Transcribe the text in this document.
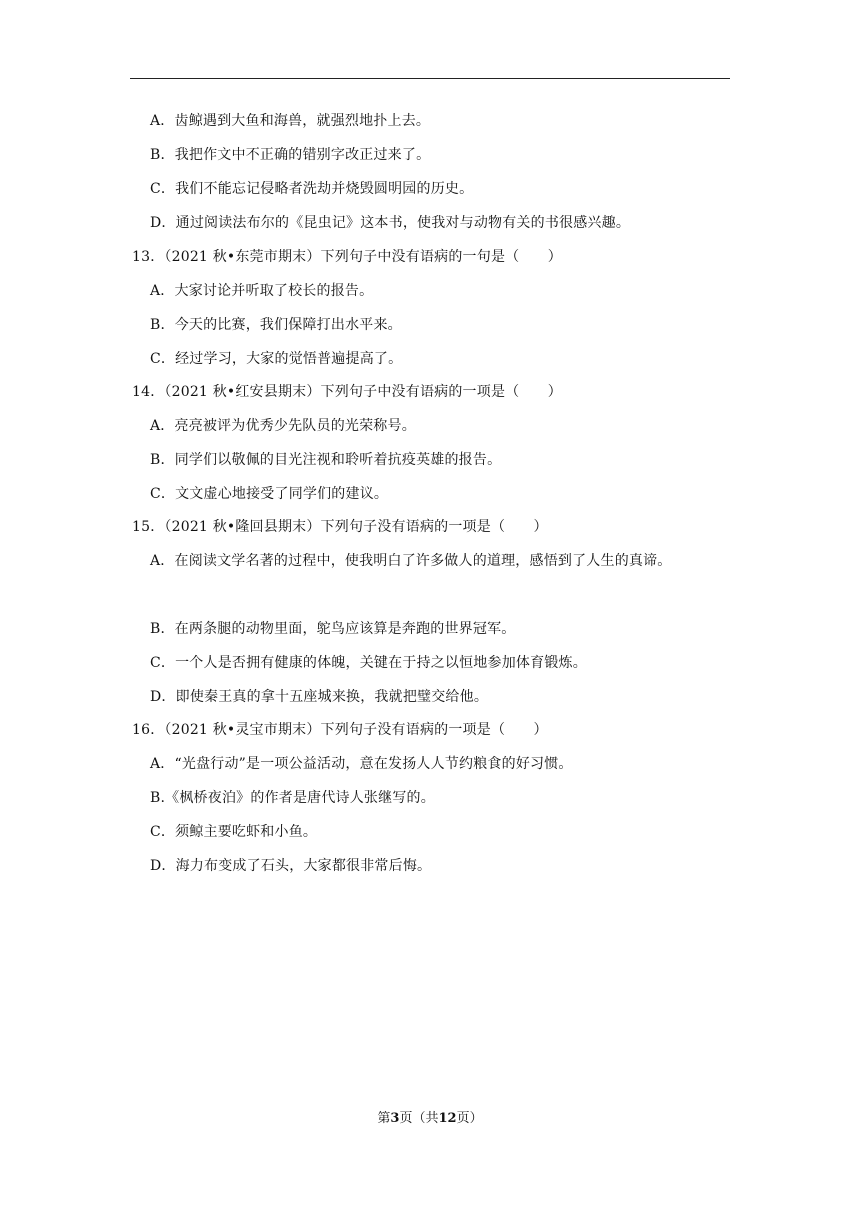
A．齿鲸遇到大鱼和海兽，就强烈地扑上去。
B．我把作文中不正确的错别字改正过来了。
C．我们不能忘记侵略者洗劫并烧毁圆明园的历史。
D．通过阅读法布尔的《昆虫记》这本书，使我对与动物有关的书很感兴趣。
13．（2021 秋•东莞市期末）下列句子中没有语病的一句是（　　）
A．大家讨论并听取了校长的报告。
B．今天的比赛，我们保障打出水平来。
C．经过学习，大家的觉悟普遍提高了。
14．（2021 秋•红安县期末）下列句子中没有语病的一项是（　　）
A．亮亮被评为优秀少先队员的光荣称号。
B．同学们以敬佩的目光注视和聆听着抗疫英雄的报告。
C．文文虚心地接受了同学们的建议。
15．（2021 秋•隆回县期末）下列句子没有语病的一项是（　　）
A．在阅读文学名著的过程中，使我明白了许多做人的道理，感悟到了人生的真谛。
B．在两条腿的动物里面，鸵鸟应该算是奔跑的世界冠军。
C．一个人是否拥有健康的体魄，关键在于持之以恒地参加体育锻炼。
D．即使秦王真的拿十五座城来换，我就把璧交给他。
16．（2021 秋•灵宝市期末）下列句子没有语病的一项是（　　）
A．“光盘行动”是一项公益活动，意在发扬人人节约粮食的好习惯。
B.《枫桥夜泊》的作者是唐代诗人张继写的。
C．须鲸主要吃虾和小鱼。
D．海力布变成了石头，大家都很非常后悔。
第3页（共12页）
